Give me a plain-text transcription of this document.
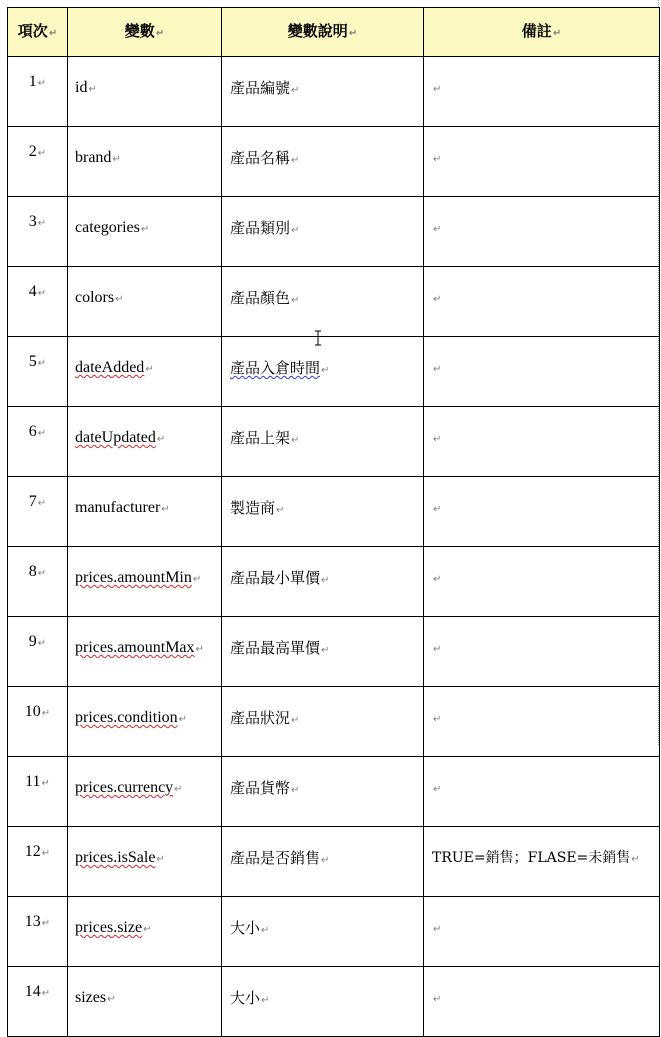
項次↵	變數↵	變數說明↵	備註↵
1↵	id↵	產品編號↵	↵
2↵	brand↵	產品名稱↵	↵
3↵	categories↵	產品類別↵	↵
4↵	colors↵	產品顏色↵	↵
5↵	dateAdded↵	產品入倉時間↵	↵
6↵	dateUpdated↵	產品上架↵	↵
7↵	manufacturer↵	製造商↵	↵
8↵	prices.amountMin↵	產品最小單價↵	↵
9↵	prices.amountMax↵	產品最高單價↵	↵
10↵	prices.condition↵	產品狀況↵	↵
11↵	prices.currency↵	產品貨幣↵	↵
12↵	prices.isSale↵	產品是否銷售↵	TRUE=銷售；FLASE=未銷售↵
13↵	prices.size↵	大小↵	↵
14↵	sizes↵	大小↵	↵
